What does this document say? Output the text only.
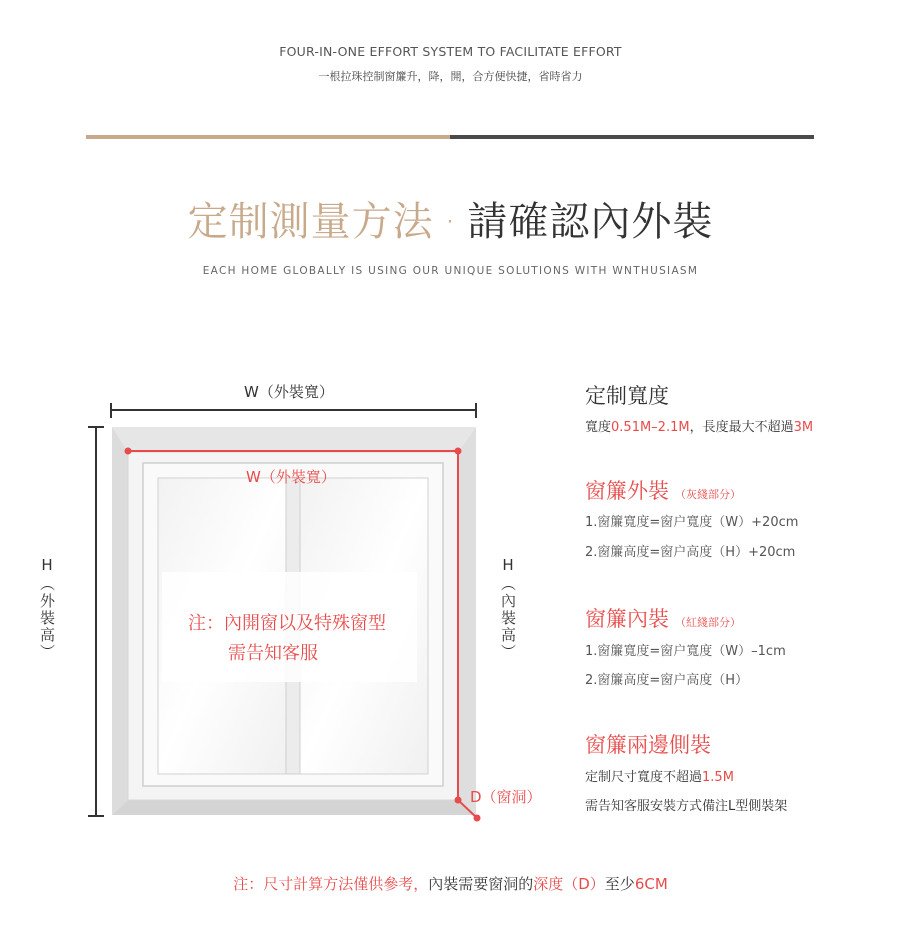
FOUR-IN-ONE EFFORT SYSTEM TO FACILITATE EFFORT
一根拉珠控制窗簾升，降，開，合方便快捷，省時省力
定制測量方法 · 請確認內外裝
EACH HOME GLOBALLY IS USING OUR UNIQUE SOLUTIONS WITH WNTHUSIASM
W（外裝寬）
W（外裝寬）
H（外裝高）	H（內裝高）
D（窗洞）
注：內開窗以及特殊窗型
需告知客服
定制寬度
寬度0.51M–2.1M，長度最大不超過3M
窗簾外裝 （灰綫部分）
1.窗簾寬度=窗户寬度（W）+20cm
2.窗簾高度=窗户高度（H）+20cm
窗簾內裝 （紅綫部分）
1.窗簾寬度=窗户寬度（W）–1cm
2.窗簾高度=窗户高度（H）
窗簾兩邊側裝
定制尺寸寬度不超過1.5M
需告知客服安裝方式備注L型側裝架
注：尺寸計算方法僅供參考，內裝需要窗洞的深度（D）至少6CM
